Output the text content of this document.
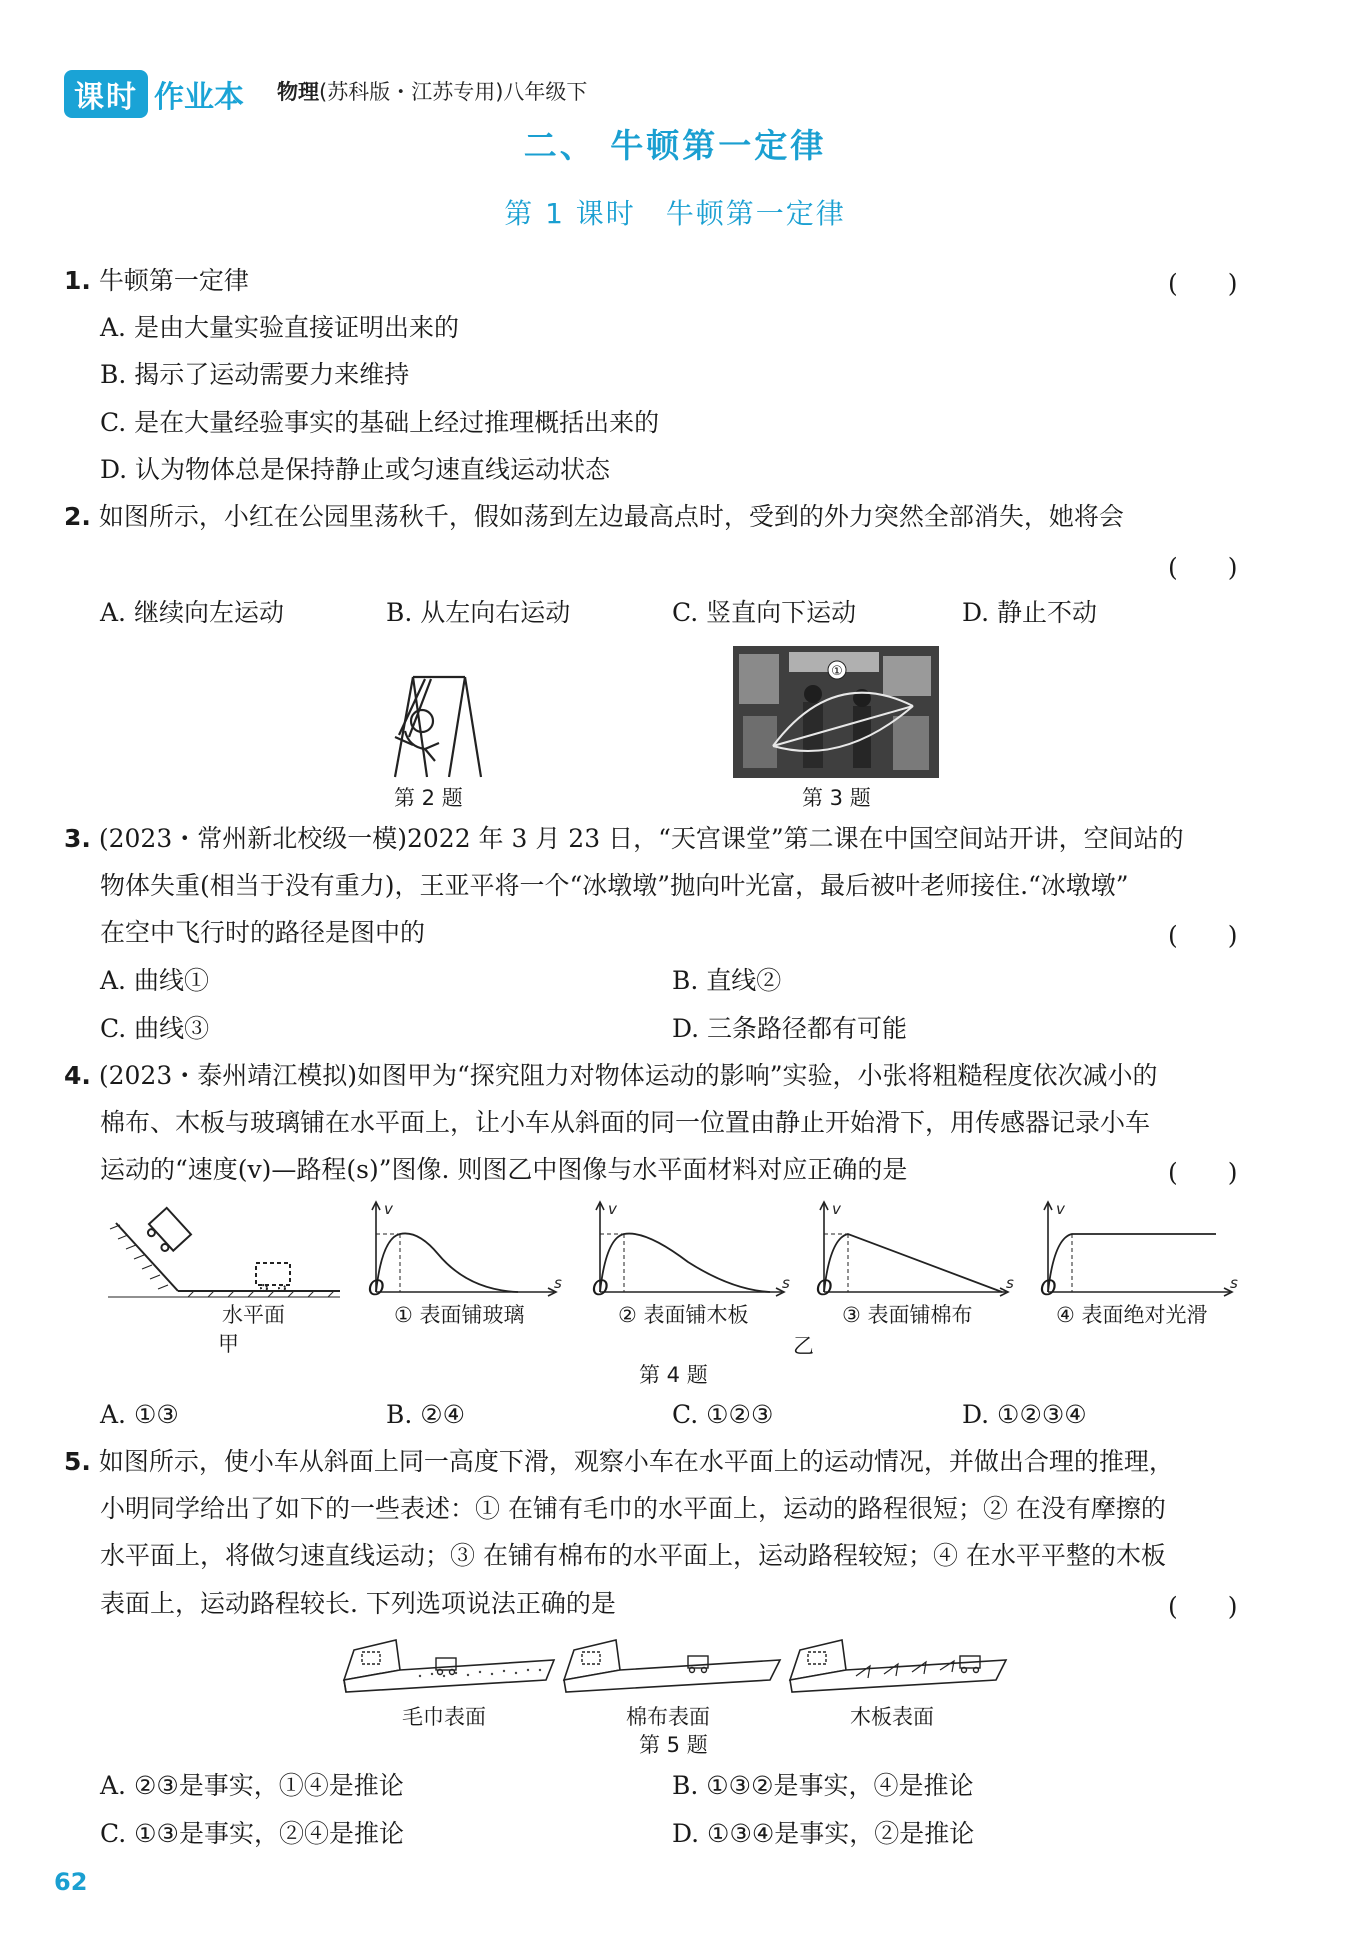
课时 作业本 物理(苏科版・江苏专用)八年级下
二、 牛顿第一定律
第 1 课时　牛顿第一定律
1. 牛顿第一定律	(　　)
A. 是由大量实验直接证明出来的
B. 揭示了运动需要力来维持
C. 是在大量经验事实的基础上经过推理概括出来的
D. 认为物体总是保持静止或匀速直线运动状态
2. 如图所示，小红在公园里荡秋千，假如荡到左边最高点时，受到的外力突然全部消失，她将会
(　　)
A. 继续向左运动	B. 从左向右运动	C. 竖直向下运动	D. 静止不动
第 2 题
①
第 3 题
3. (2023・常州新北校级一模)2022 年 3 月 23 日，“天宫课堂”第二课在中国空间站开讲，空间站的
物体失重(相当于没有重力)，王亚平将一个“冰墩墩”抛向叶光富，最后被叶老师接住.“冰墩墩”
在空中飞行时的路径是图中的	(　　)
A. 曲线①	B. 直线②
C. 曲线③	D. 三条路径都有可能
4. (2023・泰州靖江模拟)如图甲为“探究阻力对物体运动的影响”实验，小张将粗糙程度依次减小的
棉布、木板与玻璃铺在水平面上，让小车从斜面的同一位置由静止开始滑下，用传感器记录小车
运动的“速度(v)—路程(s)”图像. 则图乙中图像与水平面材料对应正确的是	(　　)
水平面
甲
v
s
v
s
v
s
v
s
O	O	O	O
① 表面铺玻璃	② 表面铺木板	③ 表面铺棉布	④ 表面绝对光滑
乙
第 4 题
A. ①③	B. ②④	C. ①②③	D. ①②③④
5. 如图所示，使小车从斜面上同一高度下滑，观察小车在水平面上的运动情况，并做出合理的推理，
小明同学给出了如下的一些表述：① 在铺有毛巾的水平面上，运动的路程很短；② 在没有摩擦的
水平面上，将做匀速直线运动；③ 在铺有棉布的水平面上，运动路程较短；④ 在水平平整的木板
表面上，运动路程较长. 下列选项说法正确的是	(　　)
毛巾表面	棉布表面	木板表面
第 5 题
A. ②③是事实，①④是推论	B. ①③②是事实，④是推论
C. ①③是事实，②④是推论	D. ①③④是事实，②是推论
62
